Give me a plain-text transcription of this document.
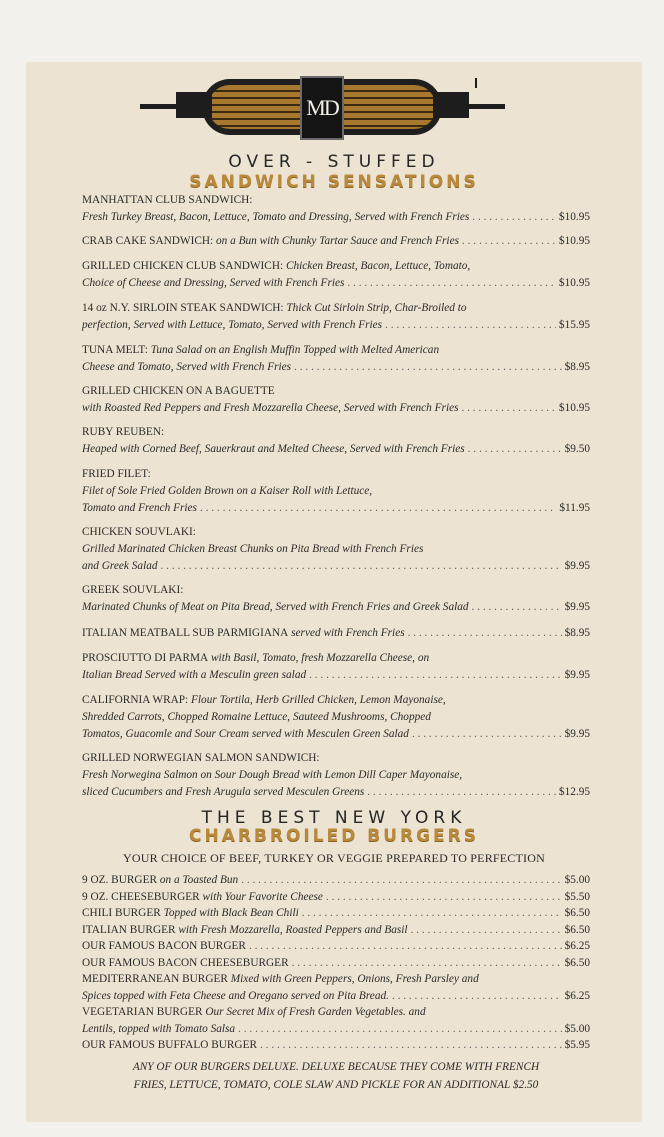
MD
OVER - STUFFED
SANDWICH SENSATIONS
MANHATTAN CLUB SANDWICH:
Fresh Turkey Breast, Bacon, Lettuce, Tomato and Dressing, Served with French Fries . . .	$10.95
CRAB CAKE SANDWICH:
on a Bun with Chunky Tartar Sauce and French Fries . . .	$10.95
GRILLED CHICKEN CLUB SANDWICH: Chicken Breast, Bacon, Lettuce, Tomato,
Choice of Cheese and Dressing, Served with French Fries . . .	$10.95
14 oz N.Y. SIRLOIN STEAK SANDWICH: Thick Cut Sirloin Strip, Char-Broiled to
perfection, Served with Lettuce, Tomato, Served with French Fries . . .	$15.95
TUNA MELT: Tuna Salad on an English Muffin Topped with Melted American
Cheese and Tomato, Served with French Fries . . .	$8.95
GRILLED CHICKEN ON A BAGUETTE
with Roasted Red Peppers and Fresh Mozzarella Cheese, Served with French Fries . . .	$10.95
RUBY REUBEN:
Heaped with Corned Beef, Sauerkraut and Melted Cheese, Served with French Fries . . .	$9.50
FRIED FILET:
Filet of Sole Fried Golden Brown on a Kaiser Roll with Lettuce,
Tomato and French Fries . . .	$11.95
CHICKEN SOUVLAKI:
Grilled Marinated Chicken Breast Chunks on Pita Bread with French Fries
and Greek Salad . . .	$9.95
GREEK SOUVLAKI:
Marinated Chunks of Meat on Pita Bread, Served with French Fries and Greek Salad . . .	$9.95
ITALIAN MEATBALL SUB PARMIGIANA
served with French Fries . . .	$8.95
PROSCIUTTO DI PARMA with Basil, Tomato, fresh Mozzarella Cheese, on
Italian Bread Served with a Mesculin green salad . . .	$9.95
CALIFORNIA WRAP: Flour Tortila, Herb Grilled Chicken, Lemon Mayonaise,
Shredded Carrots, Chopped Romaine Lettuce, Sauteed Mushrooms, Chopped
Tomatos, Guacomle and Sour Cream served with Mesculen Green Salad . . .	$9.95
GRILLED NORWEGIAN SALMON SANDWICH:
Fresh Norwegina Salmon on Sour Dough Bread with Lemon Dill Caper Mayonaise,
sliced Cucumbers and Fresh Arugula served Mesculen Greens . . .	$12.95
THE BEST NEW YORK
CHARBROILED BURGERS
YOUR CHOICE OF BEEF, TURKEY OR VEGGIE PREPARED TO PERFECTION
9 OZ. BURGER
on a Toasted Bun . . .	$5.00
9 OZ. CHEESEBURGER
with Your Favorite Cheese . . .	$5.50
CHILI BURGER
Topped with Black Bean Chili . . .	$6.50
ITALIAN BURGER
with Fresh Mozzarella, Roasted Peppers and Basil . . .	$6.50
OUR FAMOUS BACON BURGER . . .	$6.25
OUR FAMOUS BACON CHEESEBURGER . . .	$6.50
MEDITERRANEAN BURGER Mixed with Green Peppers, Onions, Fresh Parsley and
Spices topped with Feta Cheese and Oregano served on Pita Bread. . . .	$6.25
VEGETARIAN BURGER Our Secret Mix of Fresh Garden Vegetables. and
Lentils, topped with Tomato Salsa . . .	$5.00
OUR FAMOUS BUFFALO BURGER . . .	$5.95
ANY OF OUR BURGERS DELUXE. DELUXE BECAUSE THEY COME WITH FRENCH
FRIES, LETTUCE, TOMATO, COLE SLAW AND PICKLE FOR AN ADDITIONAL $2.50
